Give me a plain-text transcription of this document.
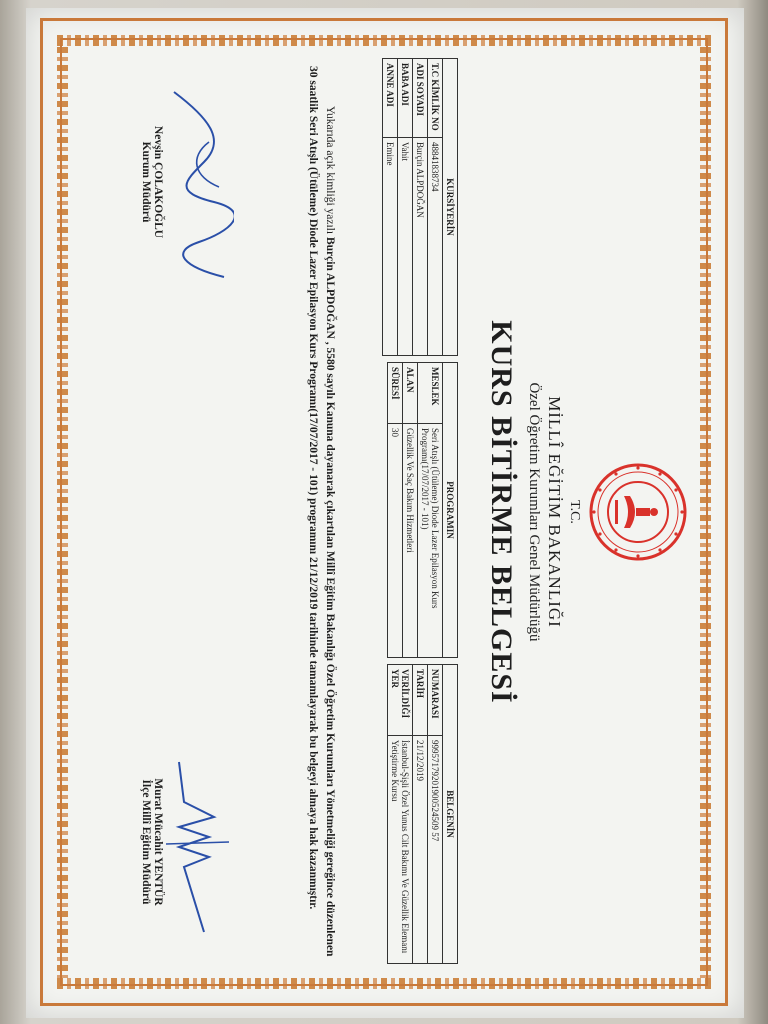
T.C.
MİLLÎ EĞİTİM BAKANLIĞI
Özel Öğretim Kurumları Genel Müdürlüğü
KURS BİTİRME BELGESİ
KURSİYERİN	
T.C KİMLİK NO	48841838734
ADI SOYADI	Burçin ALPDOĞAN
BABA ADI	Vahit
ANNE ADI	Emine
PROGRAMIN	
MESLEK	Seri Atışlı (Ütüleme) Diode Lazer Epilasyon Kurs Programı(17/07/2017 - 101)
ALAN	Güzellik Ve Saç Bakım Hizmetleri
SÜRESİ	30
BELGENİN	
NUMARASI	99957179201900524509 57
TARİH	21/12/2019
VERİLDİĞİ YER	İstanbul-Şişli Özel Yunus Cilt Bakımı Ve Güzellik Elemanı Yetiştirme Kursu
Yukarıda açık kimliği yazılı Burçin ALPDOĞAN , 5580 sayılı Kanuna dayanarak çıkartılan Millî Eğitim Bakanlığı Özel Öğretim Kurumları Yönetmeliği gereğince düzenlenen 30 saatlik Seri Atışlı (Ütüleme) Diode Lazer Epilasyon Kurs Programı(17/07/2017 - 101) programını 21/12/2019 tarihinde tamamlayarak bu belgeyi almaya hak kazanmıştır.
Nevşin ÇOLAKOĞLU
Kurum Müdürü
Murat Mücahit YENTÜR
İlçe Millî Eğitim Müdürü
